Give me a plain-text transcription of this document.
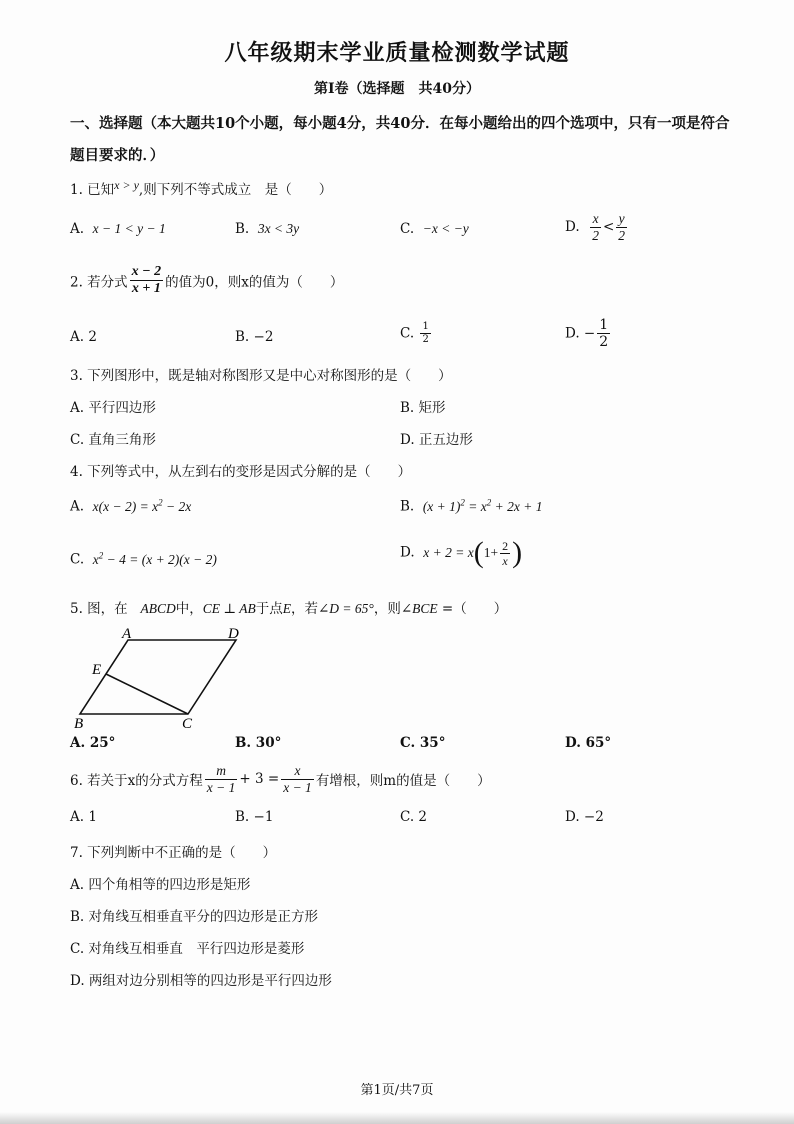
八年级期末学业质量检测数学试题
第I卷（选择题　共40分）
一、选择题（本大题共10个小题，每小题4分，共40分．在每小题给出的四个选项中，只有一项是符合题目要求的．）
1. 已知x > y,则下列不等式成立　是（　　）
A. x − 1 < y − 1	B. 3x < 3y	C. −x < −y	D. $\frac{x}{2} < \frac{y}{2}$
2. 若分式 $\frac{x - 2}{x + 1}$ 的值为0，则x的值为（　　）
A. 2	B. −2	C. $\frac{1}{2}$	D. − $\frac{1}{2}$
3. 下列图形中，既是轴对称图形又是中心对称图形的是（　　）
A. 平行四边形	B. 矩形
C. 直角三角形	D. 正五边形
4. 下列等式中，从左到右的变形是因式分解的是（　　）
A. $x(x - 2) = x^2 - 2x$	B. $(x + 1)^2 = x^2 + 2x + 1$
C. $x^2 - 4 = (x + 2)(x - 2)$	D. $x + 2 = x(1+ \frac{2}{x}$ )
5. 图，在 ABCD中，CE ⊥ AB于点E，若∠D = 65°，则∠BCE =（　　）
A	D
E
B	C
A. 25°	B. 30°	C. 35°	D. 65°
6. 若关于x的分式方程 $\frac{m}{x - 1} + 3 = \frac{x}{x - 1}$ 有增根，则m的值是（　　）
A. 1	B. −1	C. 2	D. −2
7. 下列判断中不正确的是（　　）
A. 四个角相等的四边形是矩形
B. 对角线互相垂直平分的四边形是正方形
C. 对角线互相垂直　平行四边形是菱形
D. 两组对边分别相等的四边形是平行四边形
第1页/共7页
